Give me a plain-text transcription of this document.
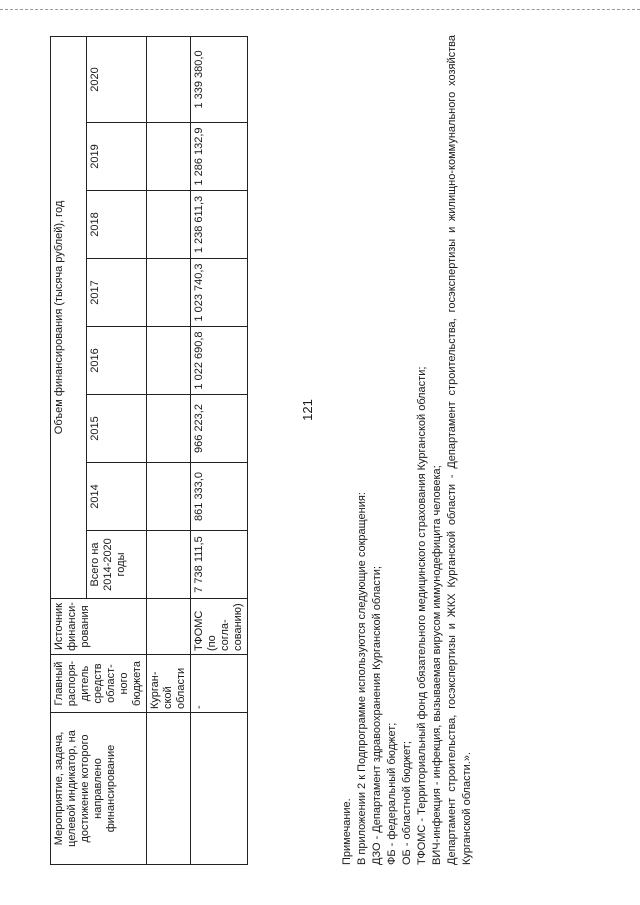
121
Мероприятие, задача, целевой индикатор, на достижение которого направлено финансирование	Главный распоря-дитель средств област-ного бюджета	Источник финанси-рования	Объем финансирования (тысяча рублей), год							
			Всего на 2014-2020 годы	2014	2015	2016	2017	2018	2019	2020
	Курган-ской области									
	-	ТФОМС (по согла-сованию)	7 738 111,5	861 333,0	966 223,2	1 022 690,8	1 023 740,3	1 238 611,3	1 286 132,9	1 339 380,0

Примечание. В приложении 2 к Подпрограмме используются следующие сокращения: ДЗО - Департамент здравоохранения Курганской области; ФБ - федеральный бюджет; ОБ - областной бюджет; ТФОМС - Территориальный фонд обязательного медицинского страхования Курганской области; ВИЧ-инфекция - инфекция, вызываемая вирусом иммунодефицита человека; Департамент строительства, госэкспертизы и ЖКХ Курганской области - Департамент строительства, госэкспертизы и жилищно-коммунального хозяйства Курганской области.».
